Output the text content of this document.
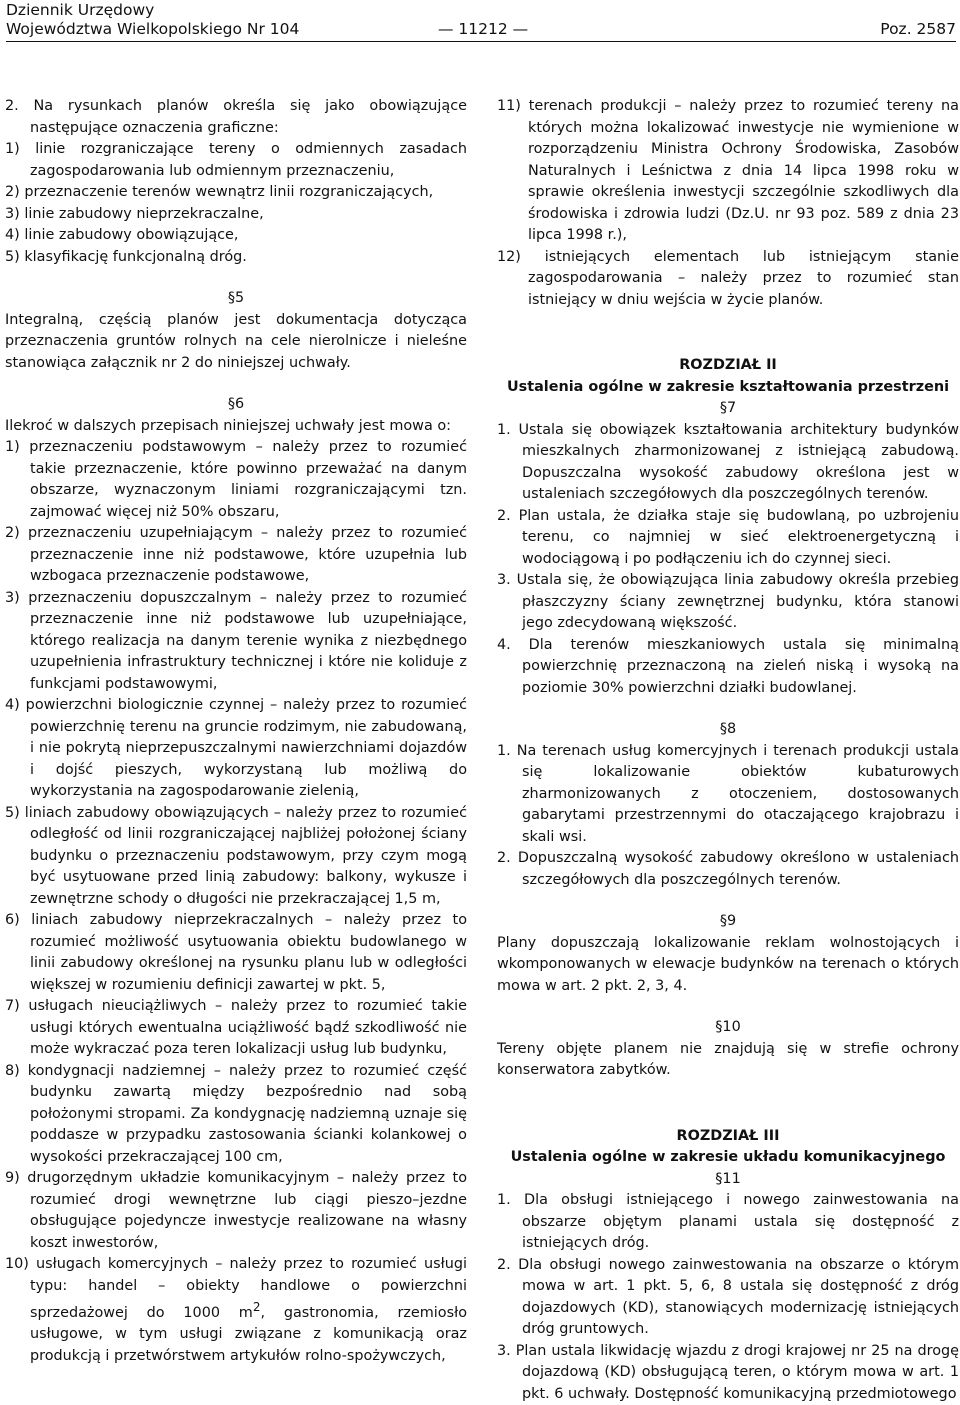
Dziennik Urzędowy
Województwa Wielkopolskiego Nr 104	— 11212 —	Poz. 2587

2. Na rysunkach planów określa się jako obowiązujące następujące oznaczenia graficzne:

1) linie rozgraniczające tereny o odmiennych zasadach zagospodarowania lub odmiennym przeznaczeniu,

2) przeznaczenie terenów wewnątrz linii rozgraniczających,

3) linie zabudowy nieprzekraczalne,

4) linie zabudowy obowiązujące,

5) klasyfikację funkcjonalną dróg.

§5

Integralną, częścią planów jest dokumentacja dotycząca przeznaczenia gruntów rolnych na cele nierolnicze i nieleśne stanowiąca załącznik nr 2 do niniejszej uchwały.

§6

Ilekroć w dalszych przepisach niniejszej uchwały jest mowa o:

1) przeznaczeniu podstawowym – należy przez to rozumieć takie przeznaczenie, które powinno przeważać na danym obszarze, wyznaczonym liniami rozgraniczającymi tzn. zajmować więcej niż 50% obszaru,

2) przeznaczeniu uzupełniającym – należy przez to rozumieć przeznaczenie inne niż podstawowe, które uzupełnia lub wzbogaca przeznaczenie podstawowe,

3) przeznaczeniu dopuszczalnym – należy przez to rozumieć przeznaczenie inne niż podstawowe lub uzupełniające, którego realizacja na danym terenie wynika z niezbędnego uzupełnienia infrastruktury technicznej i które nie koliduje z funkcjami podstawowymi,

4) powierzchni biologicznie czynnej – należy przez to rozumieć powierzchnię terenu na gruncie rodzimym, nie zabudowaną, i nie pokrytą nieprzepuszczalnymi nawierzchniami dojazdów i dojść pieszych, wykorzystaną lub możliwą do wykorzystania na zagospodarowanie zielenią,

5) liniach zabudowy obowiązujących – należy przez to rozumieć odległość od linii rozgraniczającej najbliżej położonej ściany budynku o przeznaczeniu podstawowym, przy czym mogą być usytuowane przed linią zabudowy: balkony, wykusze i zewnętrzne schody o długości nie przekraczającej 1,5 m,

6) liniach zabudowy nieprzekraczalnych – należy przez to rozumieć możliwość usytuowania obiektu budowlanego w linii zabudowy określonej na rysunku planu lub w odległości większej w rozumieniu definicji zawartej w pkt. 5,

7) usługach nieuciążliwych – należy przez to rozumieć takie usługi których ewentualna uciążliwość bądź szkodliwość nie może wykraczać poza teren lokalizacji usług lub budynku,

8) kondygnacji nadziemnej – należy przez to rozumieć część budynku zawartą między bezpośrednio nad sobą położonymi stropami. Za kondygnację nadziemną uznaje się poddasze w przypadku zastosowania ścianki kolankowej o wysokości przekraczającej 100 cm,

9) drugorzędnym układzie komunikacyjnym – należy przez to rozumieć drogi wewnętrzne lub ciągi pieszo–jezdne obsługujące pojedyncze inwestycje realizowane na własny koszt inwestorów,

10) usługach komercyjnych – należy przez to rozumieć usługi typu: handel – obiekty handlowe o powierzchni sprzedażowej do 1000 $m^2$, gastronomia, rzemiosło usługowe, w tym usługi związane z komunikacją oraz produkcją i przetwórstwem artykułów rolno-spożywczych,

11) terenach produkcji – należy przez to rozumieć tereny na których można lokalizować inwestycje nie wymienione w rozporządzeniu Ministra Ochrony Środowiska, Zasobów Naturalnych i Leśnictwa z dnia 14 lipca 1998 roku w sprawie określenia inwestycji szczególnie szkodliwych dla środowiska i zdrowia ludzi (Dz.U. nr 93 poz. 589 z dnia 23 lipca 1998 r.),

12) istniejących elementach lub istniejącym stanie zagospodarowania – należy przez to rozumieć stan istniejący w dniu wejścia w życie planów.

ROZDZIAŁ II

Ustalenia ogólne w zakresie kształtowania przestrzeni

§7

1. Ustala się obowiązek kształtowania architektury budynków mieszkalnych zharmonizowanej z istniejącą zabudową. Dopuszczalna wysokość zabudowy określona jest w ustaleniach szczegółowych dla poszczególnych terenów.

2. Plan ustala, że działka staje się budowlaną, po uzbrojeniu terenu, co najmniej w sieć elektroenergetyczną i wodociągową i po podłączeniu ich do czynnej sieci.

3. Ustala się, że obowiązująca linia zabudowy określa przebieg płaszczyzny ściany zewnętrznej budynku, która stanowi jego zdecydowaną większość.

4. Dla terenów mieszkaniowych ustala się minimalną powierzchnię przeznaczoną na zieleń niską i wysoką na poziomie 30% powierzchni działki budowlanej.

§8

1. Na terenach usług komercyjnych i terenach produkcji ustala się lokalizowanie obiektów kubaturowych zharmonizowanych z otoczeniem, dostosowanych gabarytami przestrzennymi do otaczającego krajobrazu i skali wsi.

2. Dopuszczalną wysokość zabudowy określono w ustaleniach szczegółowych dla poszczególnych terenów.

§9

Plany dopuszczają lokalizowanie reklam wolnostojących i wkomponowanych w elewacje budynków na terenach o których mowa w art. 2 pkt. 2, 3, 4.

§10

Tereny objęte planem nie znajdują się w strefie ochrony konserwatora zabytków.

ROZDZIAŁ III

Ustalenia ogólne w zakresie układu komunikacyjnego

§11

1. Dla obsługi istniejącego i nowego zainwestowania na obszarze objętym planami ustala się dostępność z istniejących dróg.

2. Dla obsługi nowego zainwestowania na obszarze o którym mowa w art. 1 pkt. 5, 6, 8 ustala się dostępność z dróg dojazdowych (KD), stanowiących modernizację istniejących dróg gruntowych.

3. Plan ustala likwidację wjazdu z drogi krajowej nr 25 na drogę dojazdową (KD) obsługującą teren, o którym mowa w art. 1 pkt. 6 uchwały. Dostępność komunikacyjną przedmiotowego
